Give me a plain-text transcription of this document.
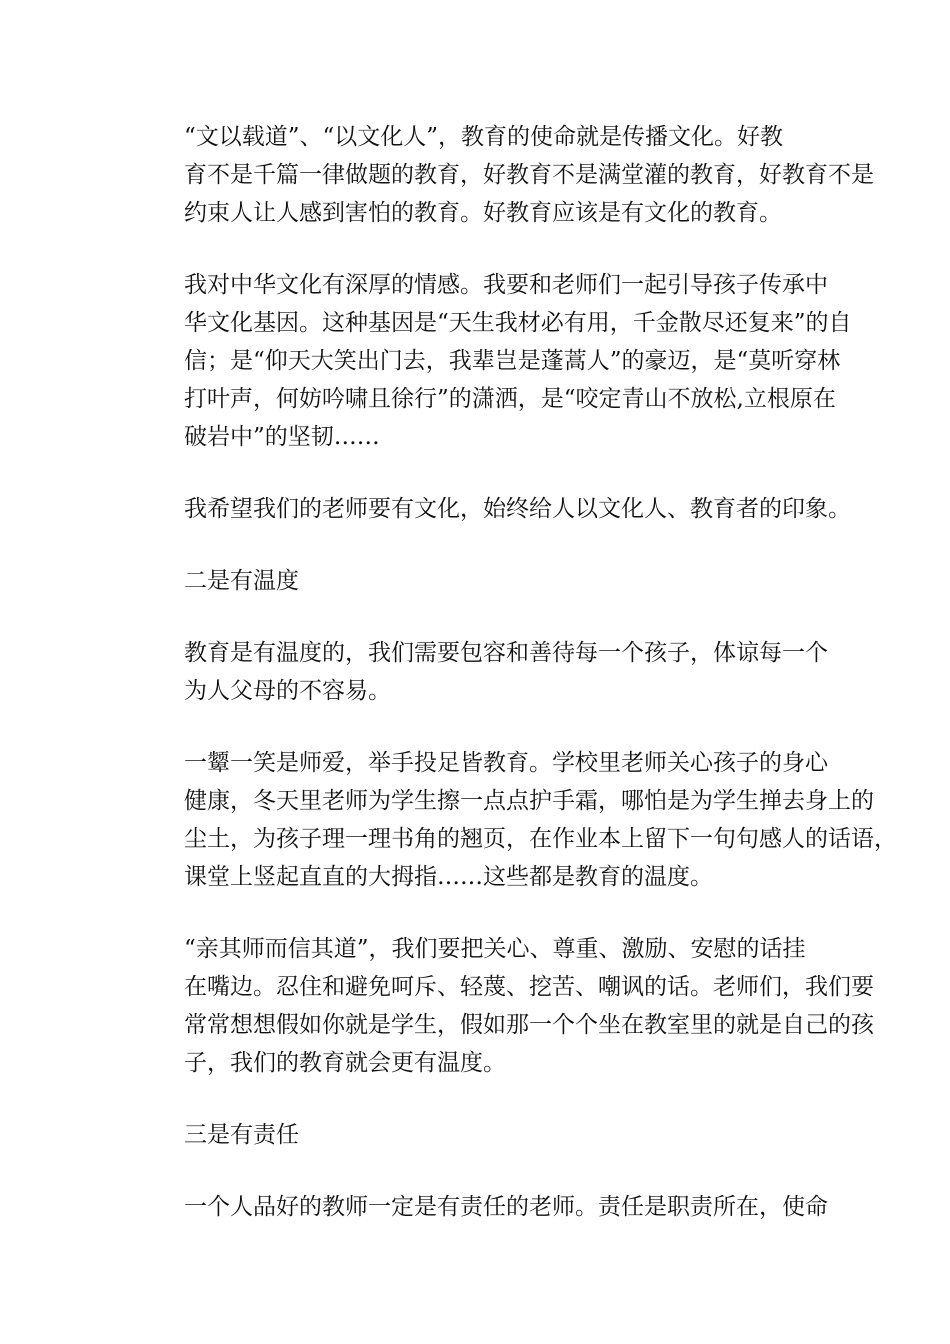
“文以载道”、“以文化人”，教育的使命就是传播文化。好教
育不是千篇一律做题的教育，好教育不是满堂灌的教育，好教育不是
约束人让人感到害怕的教育。好教育应该是有文化的教育。
我对中华文化有深厚的情感。我要和老师们一起引导孩子传承中
华文化基因。这种基因是“天生我材必有用，千金散尽还复来”的自
信；是“仰天大笑出门去，我辈岂是蓬蒿人”的豪迈，是“莫听穿林
打叶声，何妨吟啸且徐行”的潇洒，是“咬定青山不放松,立根原在
破岩中”的坚韧……
我希望我们的老师要有文化，始终给人以文化人、教育者的印象。
二是有温度
教育是有温度的，我们需要包容和善待每一个孩子，体谅每一个
为人父母的不容易。
一颦一笑是师爱，举手投足皆教育。学校里老师关心孩子的身心
健康，冬天里老师为学生擦一点点护手霜，哪怕是为学生掸去身上的
尘土，为孩子理一理书角的翘页，在作业本上留下一句句感人的话语，
课堂上竖起直直的大拇指……这些都是教育的温度。
“亲其师而信其道”，我们要把关心、尊重、激励、安慰的话挂
在嘴边。忍住和避免呵斥、轻蔑、挖苦、嘲讽的话。老师们，我们要
常常想想假如你就是学生，假如那一个个坐在教室里的就是自己的孩
子，我们的教育就会更有温度。
三是有责任
一个人品好的教师一定是有责任的老师。责任是职责所在，使命
